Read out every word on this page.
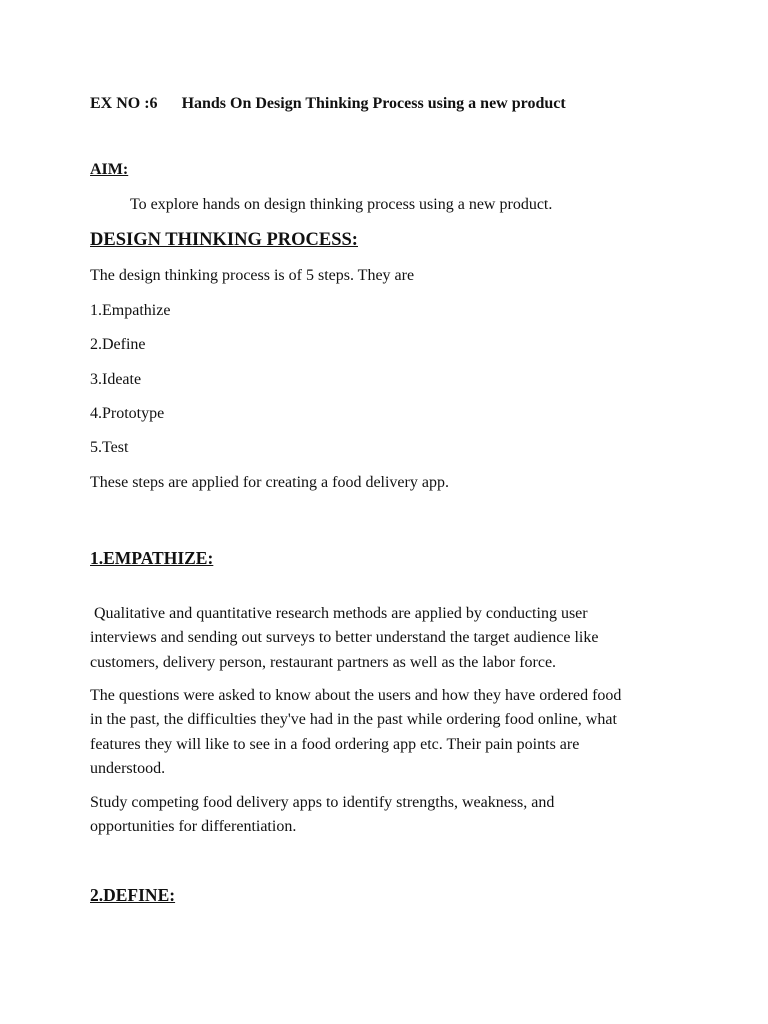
EX NO :6 Hands On Design Thinking Process using a new product

AIM:

To explore hands on design thinking process using a new product.

DESIGN THINKING PROCESS:

The design thinking process is of 5 steps. They are

1.Empathize

2.Define

3.Ideate

4.Prototype

5.Test

These steps are applied for creating a food delivery app.

1.EMPATHIZE:

Qualitative and quantitative research methods are applied by conducting user
interviews and sending out surveys to better understand the target audience like
customers, delivery person, restaurant partners as well as the labor force.

The questions were asked to know about the users and how they have ordered food
in the past, the difficulties they've had in the past while ordering food online, what
features they will like to see in a food ordering app etc. Their pain points are
understood.

Study competing food delivery apps to identify strengths, weakness, and
opportunities for differentiation.

2.DEFINE:
